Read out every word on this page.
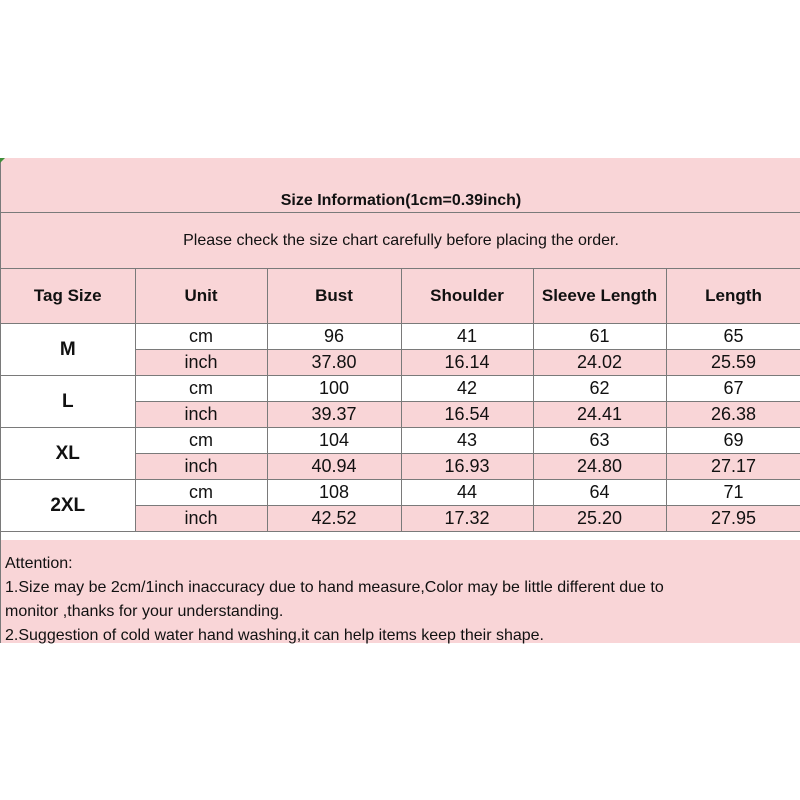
Size Information(1cm=0.39inch)
Please check the size chart carefully before placing the order.
Tag Size	Unit	Bust	Shoulder	Sleeve Length	Length
M	cm	96	41	61	65
	inch	37.80	16.14	24.02	25.59
L	cm	100	42	62	67
	inch	39.37	16.54	24.41	26.38
XL	cm	104	43	63	69
	inch	40.94	16.93	24.80	27.17
2XL	cm	108	44	64	71
	inch	42.52	17.32	25.20	27.95
Attention:
1.Size may be 2cm/1inch inaccuracy due to hand measure,Color may be little different due to
monitor ,thanks for your understanding.
2.Suggestion of cold water hand washing,it can help items keep their shape.
